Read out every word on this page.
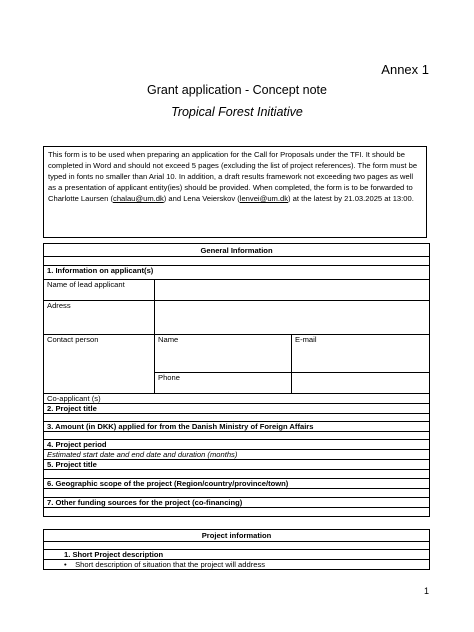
Annex 1
Grant application - Concept note
Tropical Forest Initiative
This form is to be used when preparing an application for the Call for Proposals under the TFI. It should be completed in Word and should not exceed 5 pages (excluding the list of project references). The form must be typed in fonts no smaller than Arial 10. In addition, a draft results framework not exceeding two pages as well as a presentation of applicant entity(ies) should be provided. When completed, the form is to be forwarded to Charlotte Laursen (chalau@um.dk) and Lena Veierskov (lenvei@um.dk) at the latest by 21.03.2025 at 13:00.
General Information		

1. Information on applicant(s)		
Name of lead applicant		
Adress		
Contact person	Name	E-mail
	Phone	
Co-applicant (s)		
2. Project title		

3. Amount (in DKK) applied for from the Danish Ministry of Foreign Affairs		

4. Project period		
Estimated start date and end date and duration (months)		
5. Project title		

6. Geographic scope of the project (Region/country/province/town)		

7. Other funding sources for the project (co-financing)		

Project information

1. Short Project description
•    Short description of situation that the project will address
1
